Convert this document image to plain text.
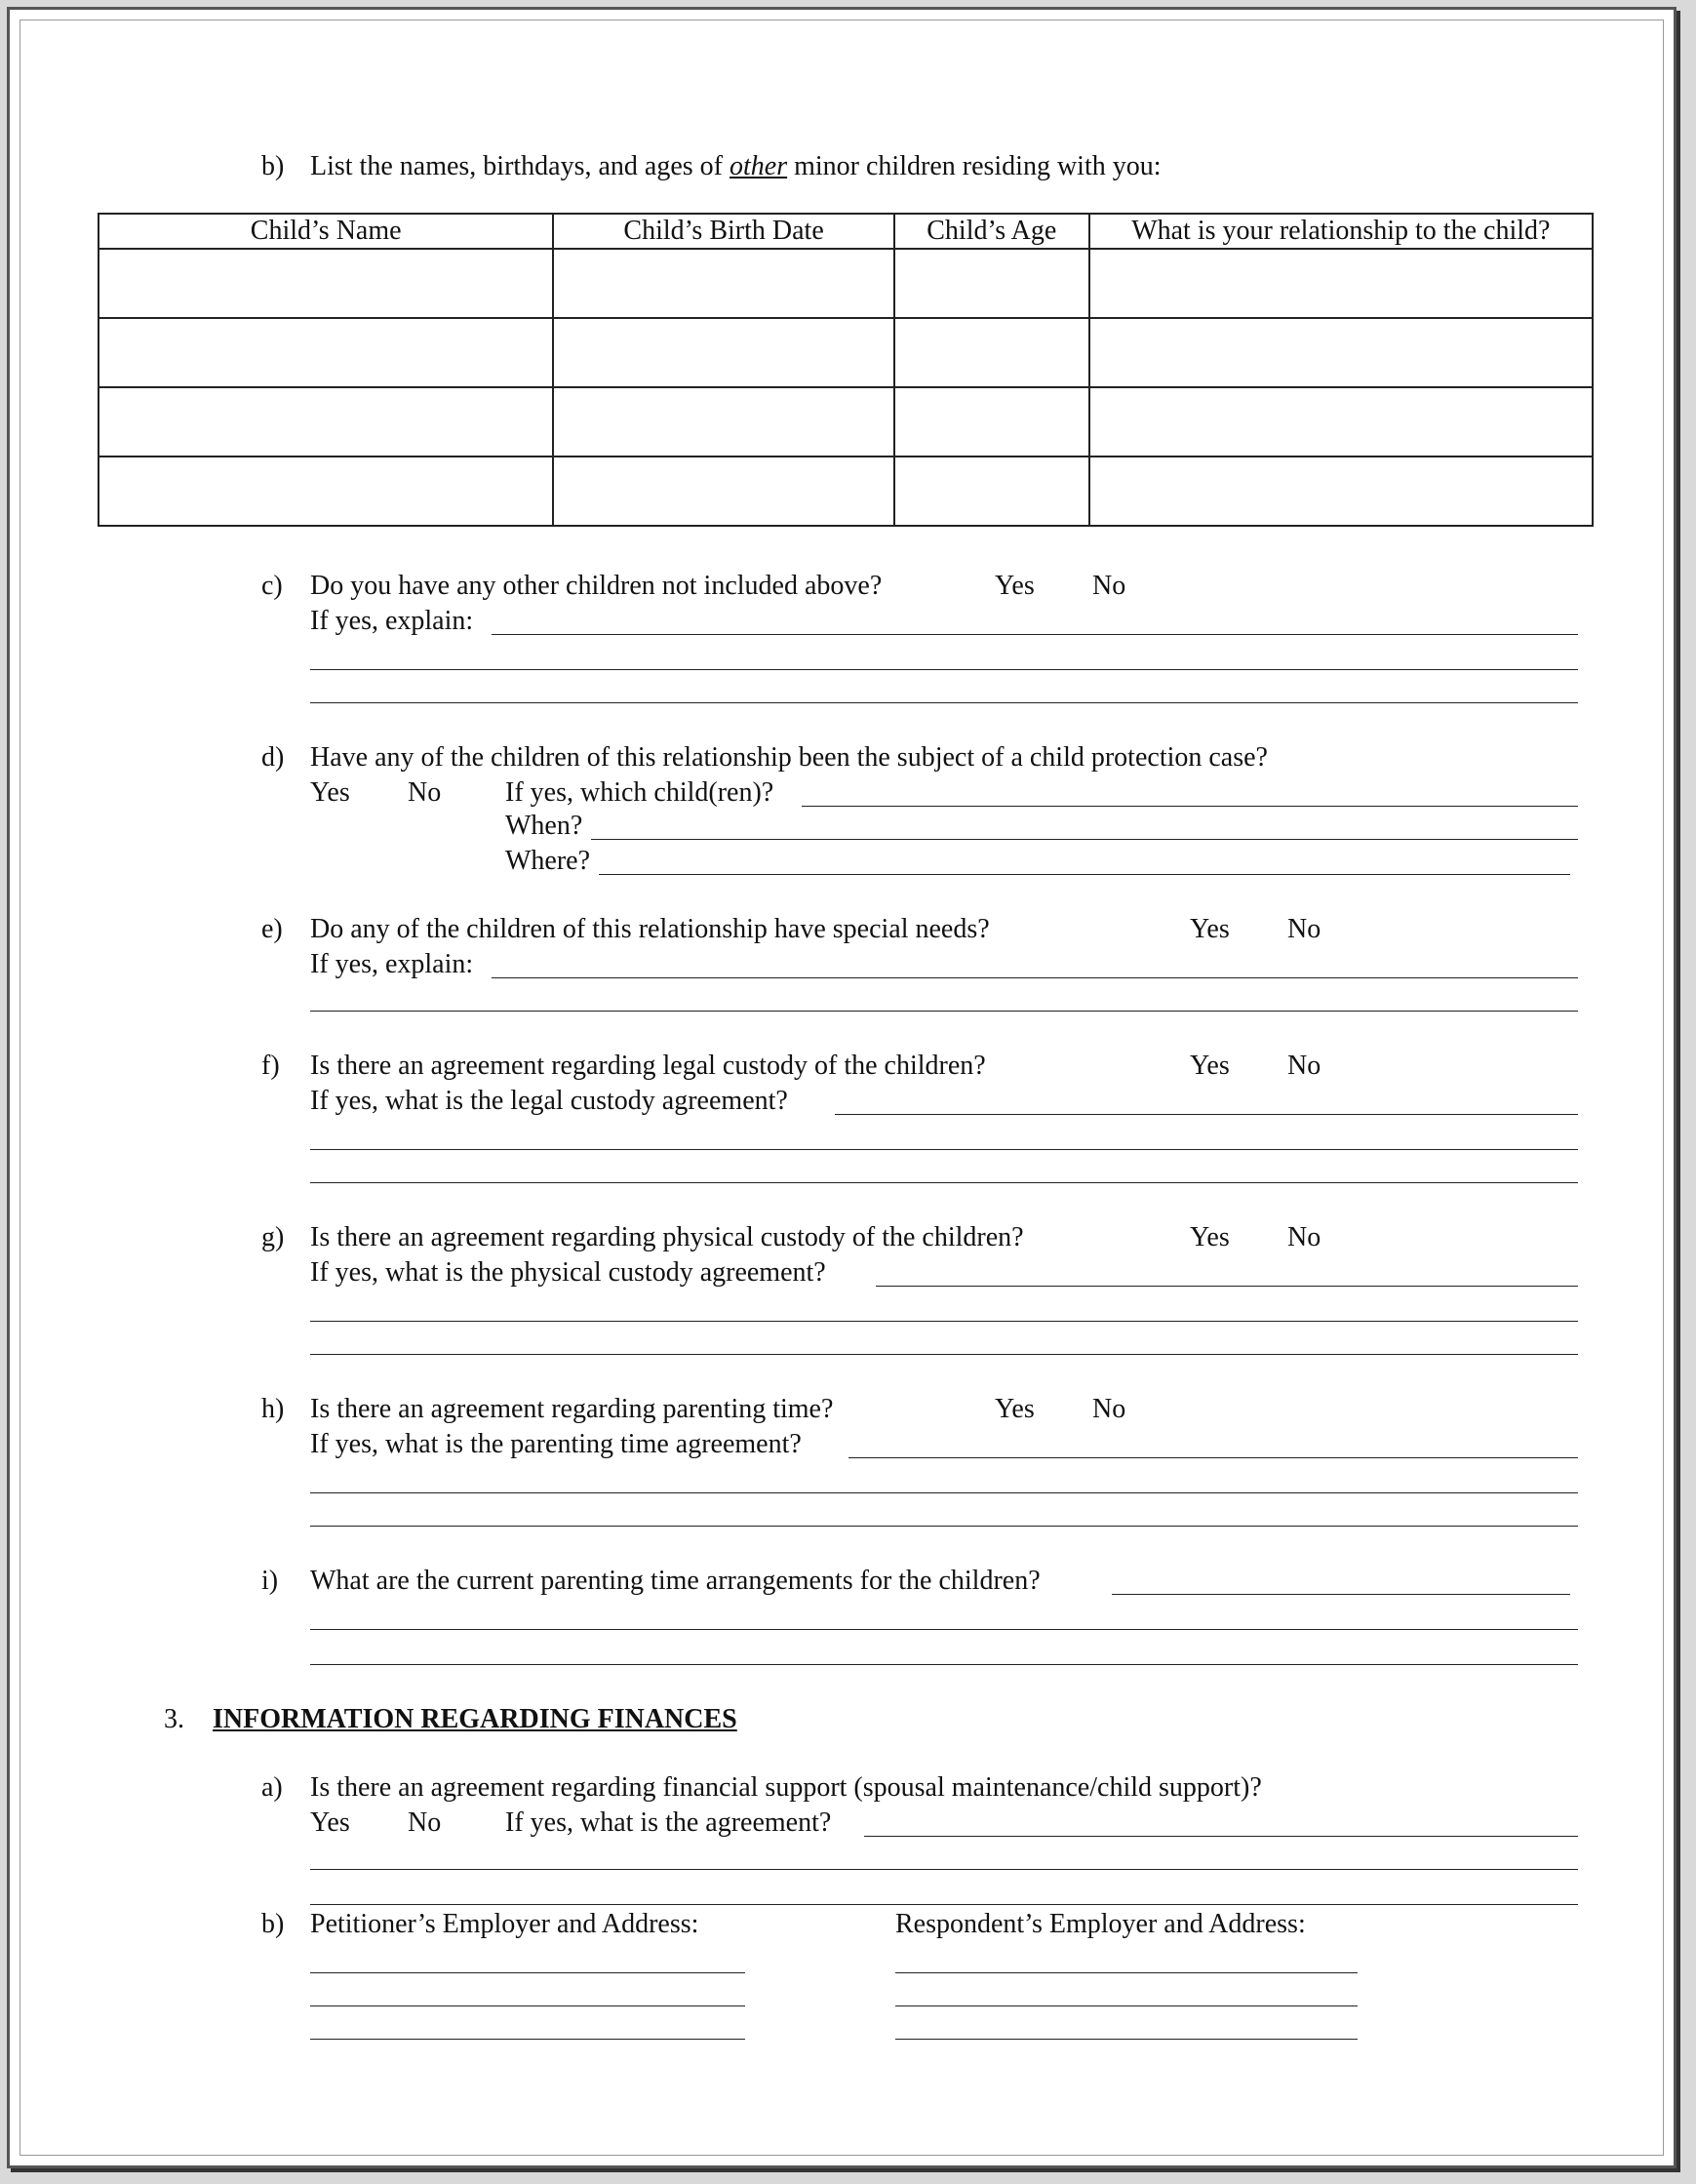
b) List the names, birthdays, and ages of other minor children residing with you:
Child’s Name	Child’s Birth Date	Child’s Age	What is your relationship to the child?

c) Do you have any other children not included above?	Yes No
If yes, explain:
d) Have any of the children of this relationship been the subject of a child protection case?
Yes No If yes, which child(ren)?
When?
Where?
e) Do any of the children of this relationship have special needs?	Yes No
If yes, explain:
f) Is there an agreement regarding legal custody of the children?	Yes No
If yes, what is the legal custody agreement?
g) Is there an agreement regarding physical custody of the children?	Yes No
If yes, what is the physical custody agreement?
h) Is there an agreement regarding parenting time?	Yes No
If yes, what is the parenting time agreement?
i) What are the current parenting time arrangements for the children?
3. INFORMATION REGARDING FINANCES
a) Is there an agreement regarding financial support (spousal maintenance/child support)?
Yes No If yes, what is the agreement?
b) Petitioner’s Employer and Address:	Respondent’s Employer and Address:
